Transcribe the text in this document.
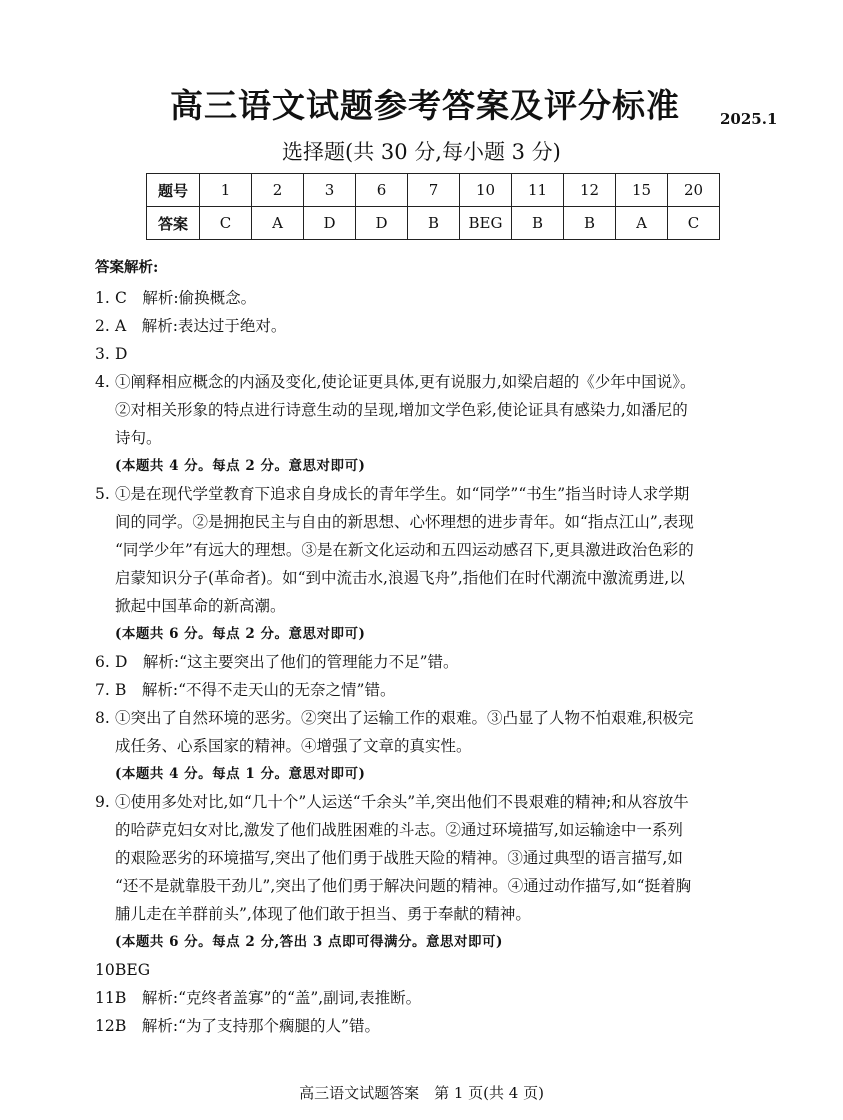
高三语文试题参考答案及评分标准	2025.1
选择题(共 30 分,每小题 3 分)
题号	1	2	3	6	7	10	11	12	15	20
答案	C	A	D	D	B	BEG	B	B	A	C
答案解析:
1. C　解析:偷换概念。

2. A　解析:表达过于绝对。

3. D

4. ①阐释相应概念的内涵及变化,使论证更具体,更有说服力,如梁启超的《少年中国说》。

②对相关形象的特点进行诗意生动的呈现,增加文学色彩,使论证具有感染力,如潘尼的

诗句。

(本题共 4 分。每点 2 分。意思对即可)
5. ①是在现代学堂教育下追求自身成长的青年学生。如“同学”“书生”指当时诗人求学期

间的同学。②是拥抱民主与自由的新思想、心怀理想的进步青年。如“指点江山”,表现

“同学少年”有远大的理想。③是在新文化运动和五四运动感召下,更具激进政治色彩的

启蒙知识分子(革命者)。如“到中流击水,浪遏飞舟”,指他们在时代潮流中激流勇进,以

掀起中国革命的新高潮。

(本题共 6 分。每点 2 分。意思对即可)
6. D　解析:“这主要突出了他们的管理能力不足”错。

7. B　解析:“不得不走天山的无奈之情”错。

8. ①突出了自然环境的恶劣。②突出了运输工作的艰难。③凸显了人物不怕艰难,积极完

成任务、心系国家的精神。④增强了文章的真实性。

(本题共 4 分。每点 1 分。意思对即可)
9. ①使用多处对比,如“几十个”人运送“千余头”羊,突出他们不畏艰难的精神;和从容放牛

的哈萨克妇女对比,激发了他们战胜困难的斗志。②通过环境描写,如运输途中一系列

的艰险恶劣的环境描写,突出了他们勇于战胜天险的精神。③通过典型的语言描写,如

“还不是就靠股干劲儿”,突出了他们勇于解决问题的精神。④通过动作描写,如“挺着胸

脯儿走在羊群前头”,体现了他们敢于担当、勇于奉献的精神。

(本题共 6 分。每点 2 分,答出 3 点即可得满分。意思对即可)
10.

BEG

11.

B　解析:“克终者盖寡”的“盖”,副词,表推断。

12.

B　解析:“为了支持那个瘸腿的人”错。

高三语文试题答案　第 1 页(共 4 页)
